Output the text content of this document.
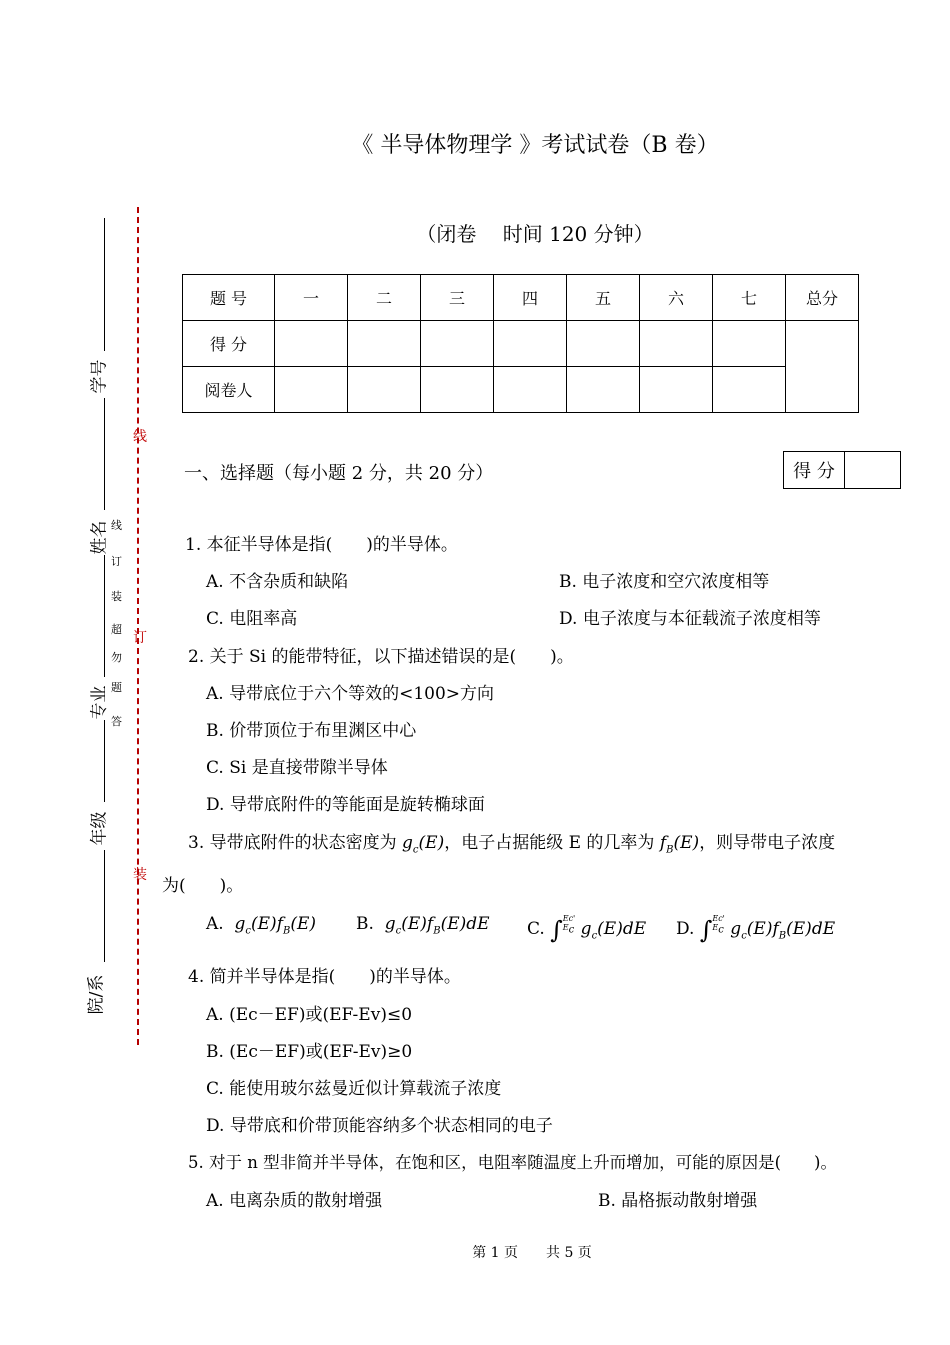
《 半导体物理学 》考试试卷（B 卷）
（闭卷　 时间 120 分钟）
题 号	一	二	三	四	五	六	七	总分
得 分								
阅卷人								
一、选择题（每小题 2 分，共 20 分）	得 分	
线
订
装
学号
姓名
专业
年级
院/系
线
订
装
超
勿
题
答
1. 本征半导体是指(　　)的半导体。
A. 不含杂质和缺陷	B. 电子浓度和空穴浓度相等
C. 电阻率高	D. 电子浓度与本征载流子浓度相等
2. 关于 Si 的能带特征，以下描述错误的是(　　)。
A. 导带底位于六个等效的<100>方向
B. 价带顶位于布里渊区中心
C. Si 是直接带隙半导体
D. 导带底附件的等能面是旋转椭球面
3. 导带底附件的状态密度为 $g_c(E)$，电子占据能级 E 的几率为 $f_B(E)$，则导带电子浓度
为(　　)。
A. $g_c(E)f_B(E)$ B. $g_c(E)f_B(E)dE$ C. ∫Ec'
$E_c$ $g_c(E)dE$ D. ∫Ec'
$E_c$ $g_c(E)f_B(E)dE$
4. 简并半导体是指(　　)的半导体。
A. (Ec－EF)或(EF-Ev)≤0
B. (Ec－EF)或(EF-Ev)≥0
C. 能使用玻尔兹曼近似计算载流子浓度
D. 导带底和价带顶能容纳多个状态相同的电子
5. 对于 n 型非简并半导体，在饱和区，电阻率随温度上升而增加，可能的原因是(　　)。
A. 电离杂质的散射增强	B. 晶格振动散射增强
第 1 页　　共 5 页
